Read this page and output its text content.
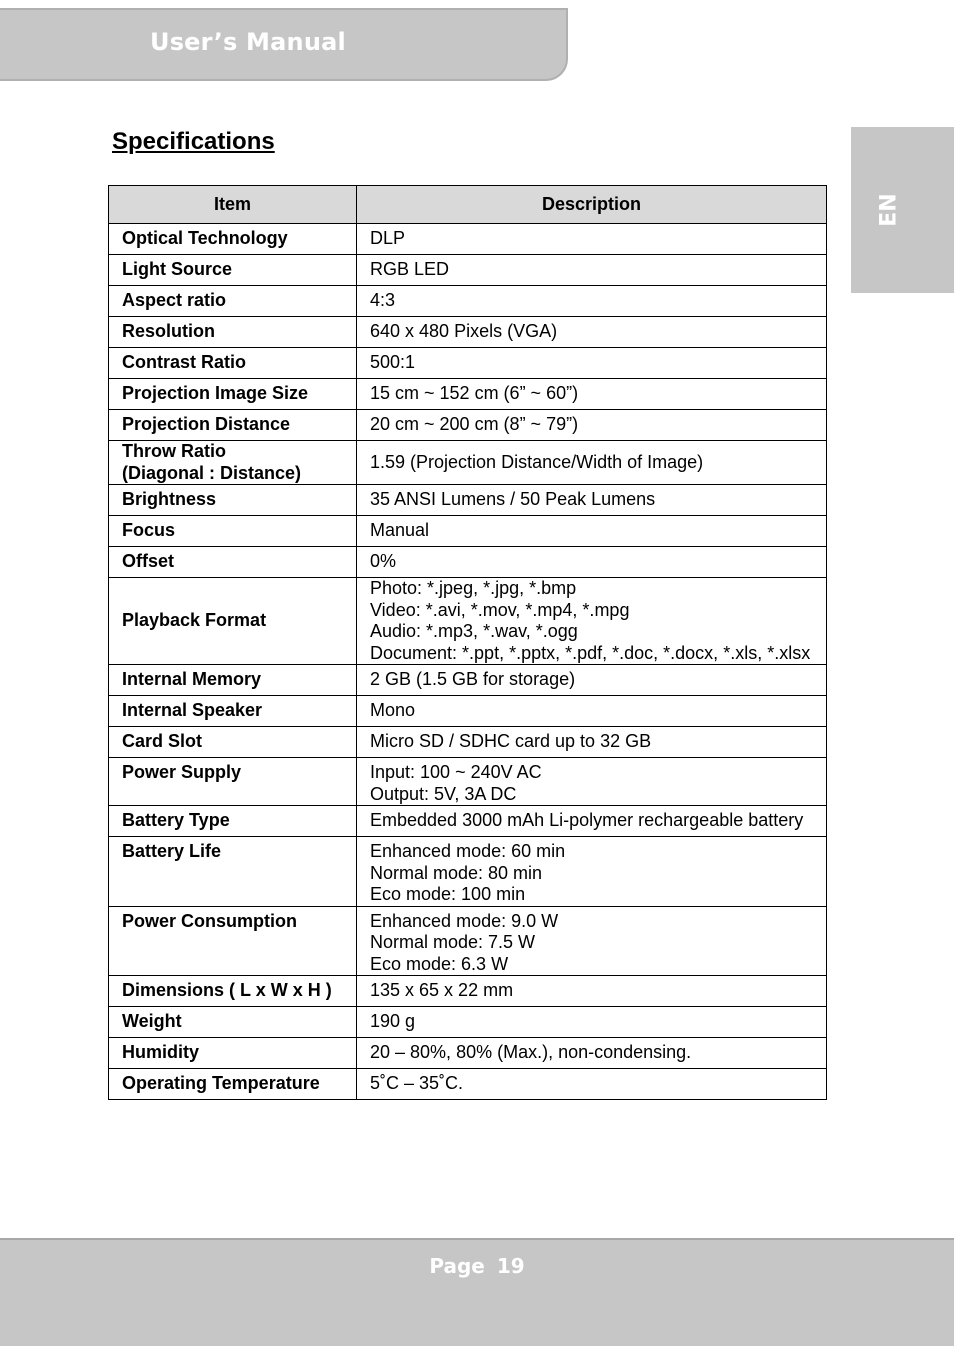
User’s Manual
EN
Specifications
Item	Description

Optical Technology	DLP

Light Source	RGB LED

Aspect ratio	4:3

Resolution	640 x 480 Pixels (VGA)

Contrast Ratio	500:1

Projection Image Size	15 cm ~ 152 cm (6” ~ 60”)

Projection Distance	20 cm ~ 200 cm (8” ~ 79”)

Throw Ratio
(Diagonal : Distance)	1.59 (Projection Distance/Width of Image)

Brightness	35 ANSI Lumens / 50 Peak Lumens

Focus	Manual

Offset	0%

Playback Format	Photo: *.jpeg, *.jpg, *.bmp
Video: *.avi, *.mov, *.mp4, *.mpg
Audio: *.mp3, *.wav, *.ogg
Document: *.ppt, *.pptx, *.pdf, *.doc, *.docx, *.xls, *.xlsx

Internal Memory	2 GB (1.5 GB for storage)

Internal Speaker	Mono

Card Slot	Micro SD / SDHC card up to 32 GB

Power Supply	Input: 100 ~ 240V AC
Output: 5V, 3A DC

Battery Type	Embedded 3000 mAh Li-polymer rechargeable battery

Battery Life	Enhanced mode: 60 min
Normal mode: 80 min
Eco mode: 100 min

Power Consumption	Enhanced mode: 9.0 W
Normal mode: 7.5 W
Eco mode: 6.3 W

Dimensions ( L x W x H )	135 x 65 x 22 mm

Weight	190 g

Humidity	20 – 80%, 80% (Max.), non-condensing.

Operating Temperature	5˚C – 35˚C.
Page 19
